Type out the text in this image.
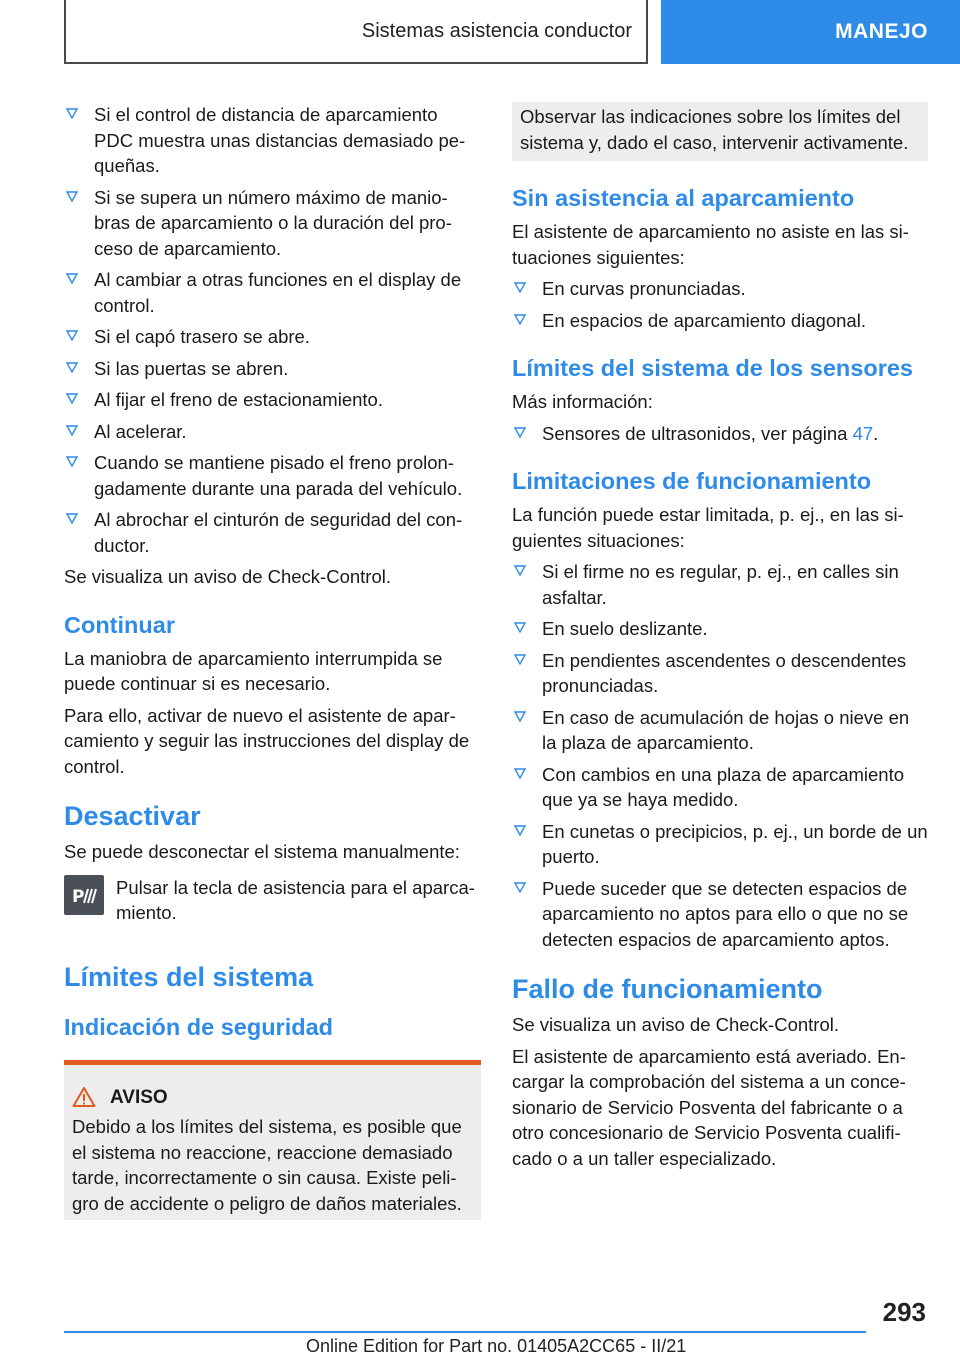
Sistemas asistencia conductor	MANEJO
Si el control de distancia de aparcamiento PDC muestra unas distancias demasiado pe-queñas.
Si se supera un número máximo de manio-bras de aparcamiento o la duración del pro-ceso de aparcamiento.
Al cambiar a otras funciones en el display de control.
Si el capó trasero se abre.
Si las puertas se abren.
Al fijar el freno de estacionamiento.
Al acelerar.
Cuando se mantiene pisado el freno prolon-gadamente durante una parada del vehículo.
Al abrochar el cinturón de seguridad del con-ductor.

Se visualiza un aviso de Check-Control.

Continuar

La maniobra de aparcamiento interrumpida se puede continuar si es necesario.

Para ello, activar de nuevo el asistente de apar-camiento y seguir las instrucciones del display de control.

Desactivar

Se puede desconectar el sistema manualmente:

P Pulsar la tecla de asistencia para el aparca-miento.
Límites del sistema
Indicación de seguridad
AVISO

Debido a los límites del sistema, es posible que el sistema no reaccione, reaccione demasiado tarde, incorrectamente o sin causa. Existe peli-gro de accidente o peligro de daños materiales.

Observar las indicaciones sobre los límites del sistema y, dado el caso, intervenir activamente.

Sin asistencia al aparcamiento

El asistente de aparcamiento no asiste en las si-tuaciones siguientes:

En curvas pronunciadas.
En espacios de aparcamiento diagonal.
Límites del sistema de los sensores

Más información:

Sensores de ultrasonidos, ver página 47.
Limitaciones de funcionamiento

La función puede estar limitada, p. ej., en las si-guientes situaciones:

Si el firme no es regular, p. ej., en calles sin asfaltar.
En suelo deslizante.
En pendientes ascendentes o descendentes pronunciadas.
En caso de acumulación de hojas o nieve en la plaza de aparcamiento.
Con cambios en una plaza de aparcamiento que ya se haya medido.
En cunetas o precipicios, p. ej., un borde de un puerto.
Puede suceder que se detecten espacios de aparcamiento no aptos para ello o que no se detecten espacios de aparcamiento aptos.
Fallo de funcionamiento

Se visualiza un aviso de Check-Control.

El asistente de aparcamiento está averiado. En-cargar la comprobación del sistema a un conce-sionario de Servicio Posventa del fabricante o a otro concesionario de Servicio Posventa cualifi-cado o a un taller especializado.

293
Online Edition for Part no. 01405A2CC65 - II/21
